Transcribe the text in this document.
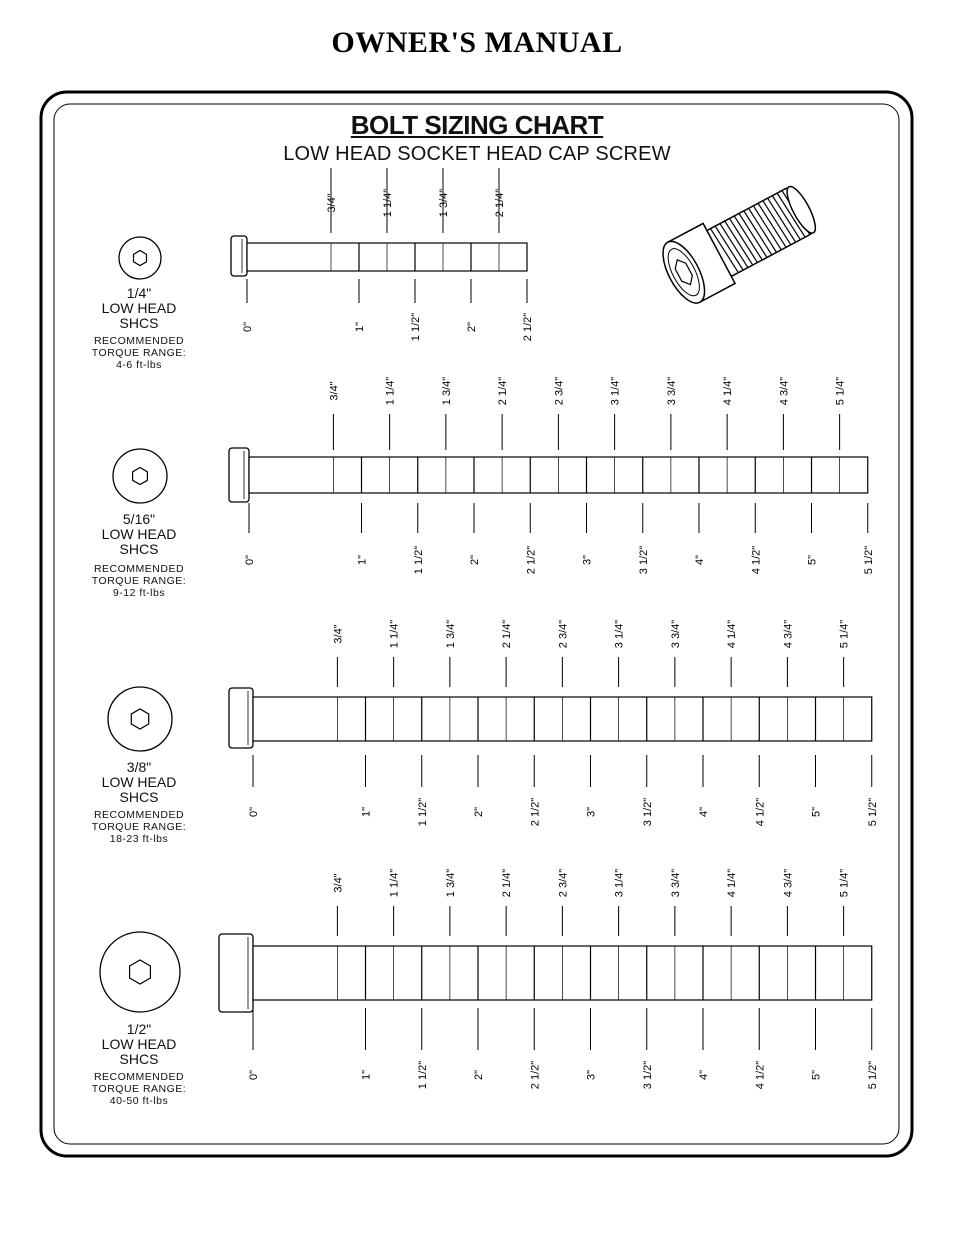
OWNER'S MANUAL
3/4"	1 1/4"	1 3/4"	2 1/4"
0"	1"	1 1/2"	2"	2 1/2"
3/4"	1 1/4"	1 3/4"	2 1/4"	2 3/4"	3 1/4"	3 3/4"	4 1/4"	4 3/4"	5 1/4"
0"	1"	1 1/2"	2"	2 1/2"	3"	3 1/2"	4"	4 1/2"	5"	5 1/2"
3/4"	1 1/4"	1 3/4"	2 1/4"	2 3/4"	3 1/4"	3 3/4"	4 1/4"	4 3/4"	5 1/4"
0"	1"	1 1/2"	2"	2 1/2"	3"	3 1/2"	4"	4 1/2"	5"	5 1/2"
3/4"	1 1/4"	1 3/4"	2 1/4"	2 3/4"	3 1/4"	3 3/4"	4 1/4"	4 3/4"	5 1/4"
0"	1"	1 1/2"	2"	2 1/2"	3"	3 1/2"	4"	4 1/2"	5"	5 1/2"
BOLT SIZING CHART
LOW HEAD SOCKET HEAD CAP SCREW
1/4"
LOW HEAD
SHCS
RECOMMENDED
TORQUE RANGE:
4-6 ft-lbs
5/16"
LOW HEAD
SHCS
RECOMMENDED
TORQUE RANGE:
9-12 ft-lbs
3/8"
LOW HEAD
SHCS
RECOMMENDED
TORQUE RANGE:
18-23 ft-lbs
1/2"
LOW HEAD
SHCS
RECOMMENDED
TORQUE RANGE:
40-50 ft-lbs
